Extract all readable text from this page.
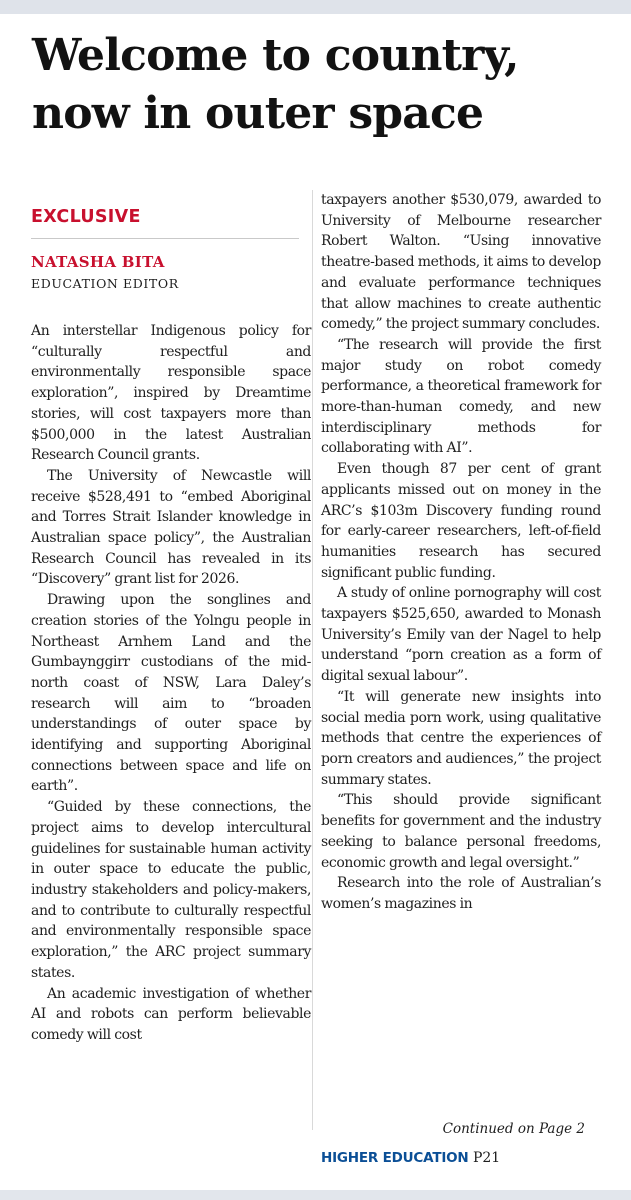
Welcome to country, now in outer space
EXCLUSIVE
NATASHA BITA
EDUCATION EDITOR

An interstellar Indigenous policy for “culturally respectful and environmentally responsible space exploration”, inspired by Dreamtime stories, will cost taxpayers more than $500,000 in the latest Australian Research Council grants.

The University of Newcastle will receive $528,491 to “embed Aboriginal and Torres Strait Islander knowledge in Australian space policy”, the Australian Research Council has revealed in its “Discovery” grant list for 2026.

Drawing upon the songlines and creation stories of the Yolngu people in Northeast Arnhem Land and the Gumbaynggirr custodians of the mid-north coast of NSW, Lara Daley’s research will aim to “broaden understandings of outer space by identifying and supporting Aboriginal connections between space and life on earth”.

“Guided by these connections, the project aims to develop intercultural guidelines for sustainable human activity in outer space to educate the public, industry stakeholders and policy-makers, and to contribute to culturally respectful and environmentally responsible space exploration,” the ARC project summary states.

An academic investigation of whether AI and robots can perform believable comedy will cost

taxpayers another $530,079, awarded to University of Melbourne researcher Robert Walton. “Using innovative theatre-based methods, it aims to develop and evaluate performance techniques that allow machines to create authentic comedy,” the project summary concludes.

“The research will provide the first major study on robot comedy performance, a theoretical framework for more-than-human comedy, and new interdisciplinary methods for collaborating with AI”.

Even though 87 per cent of grant applicants missed out on money in the ARC’s $103m Discovery funding round for early-career researchers, left-of-field humanities research has secured significant public funding.

A study of online pornography will cost taxpayers $525,650, awarded to Monash University’s Emily van der Nagel to help understand “porn creation as a form of digital sexual labour”.

“It will generate new insights into social media porn work, using qualitative methods that centre the experiences of porn creators and audiences,” the project summary states.

“This should provide significant benefits for government and the industry seeking to balance personal freedoms, economic growth and legal oversight.”

Research into the role of Australian’s women’s magazines in

Continued on Page 2
HIGHER EDUCATION P21
